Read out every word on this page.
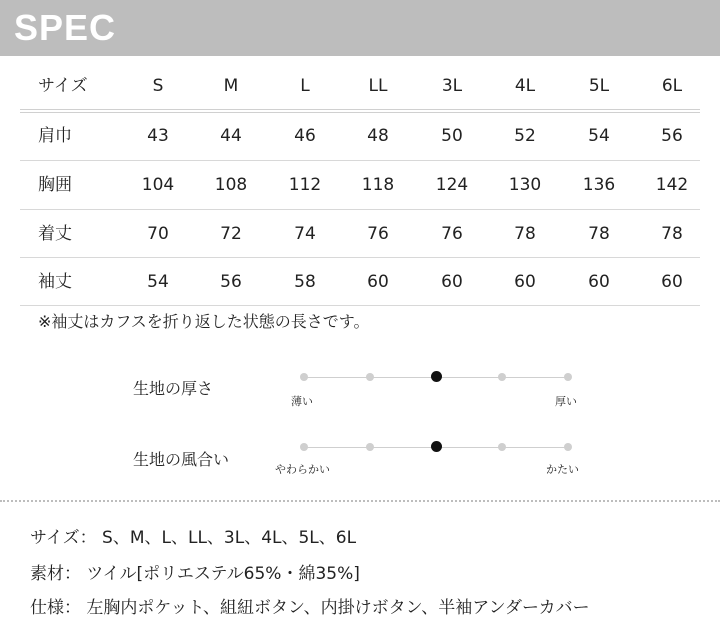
SPEC
サイズ	S	M	L	LL	3L	4L	5L	6L
肩巾	43	44	46	48	50	52	54	56
胸囲	104	108	112	118	124	130	136	142
着丈	70	72	74	76	76	78	78	78
袖丈	54	56	58	60	60	60	60	60
※袖丈はカフスを折り返した状態の長さです。
生地の厚さ
薄い	厚い
生地の風合い
やわらかい	かたい
サイズ： S、M、L、LL、3L、4L、5L、6L
素材： ツイル[ポリエステル65%・綿35%]
仕様： 左胸内ポケット、組紐ボタン、内掛けボタン、半袖アンダーカバー
